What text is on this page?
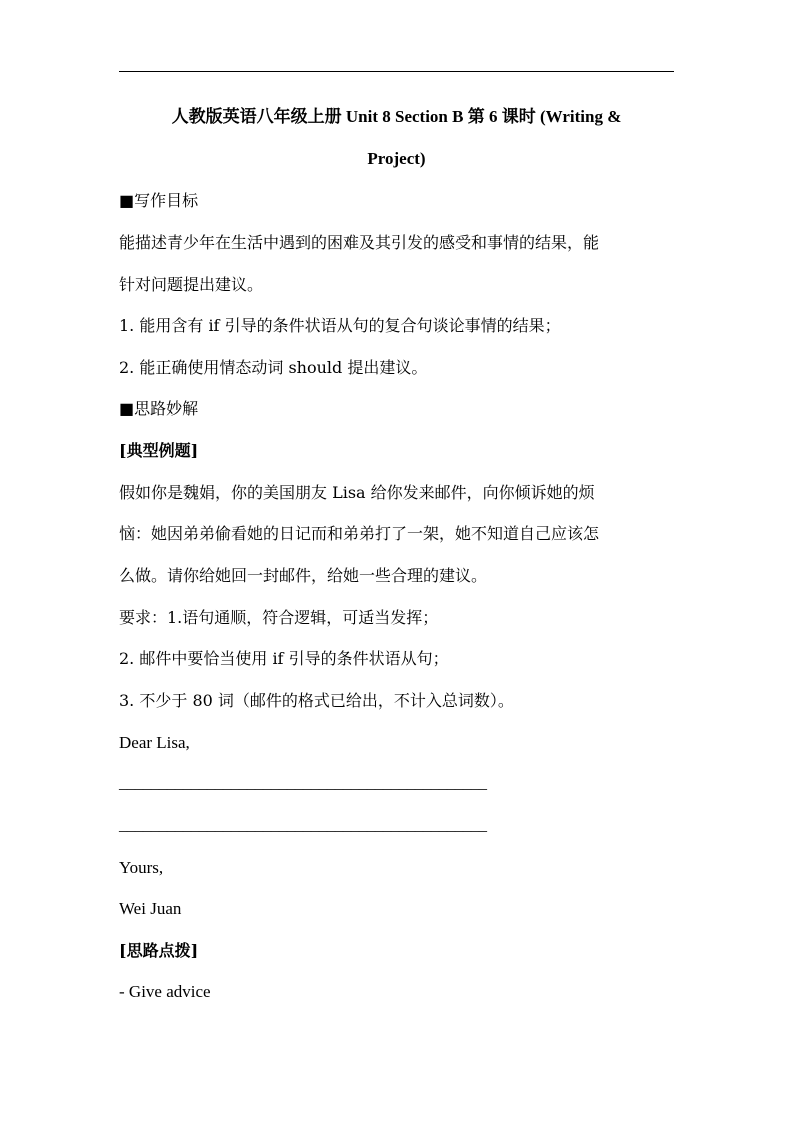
人教版英语八年级上册 Unit 8 Section B 第 6 课时 (Writing &
Project)
■写作目标
能描述青少年在生活中遇到的困难及其引发的感受和事情的结果，能
针对问题提出建议。
1. 能用含有 if 引导的条件状语从句的复合句谈论事情的结果；
2. 能正确使用情态动词 should 提出建议。
■思路妙解
[典型例题]
假如你是魏娟，你的美国朋友 Lisa 给你发来邮件，向你倾诉她的烦
恼：她因弟弟偷看她的日记而和弟弟打了一架，她不知道自己应该怎
么做。请你给她回一封邮件，给她一些合理的建议。
要求：1.语句通顺，符合逻辑，可适当发挥；
2. 邮件中要恰当使用 if 引导的条件状语从句；
3. 不少于 80 词（邮件的格式已给出，不计入总词数）。
Dear Lisa,
______________________________________________
______________________________________________
Yours,
Wei Juan
[思路点拨]
- Give advice
